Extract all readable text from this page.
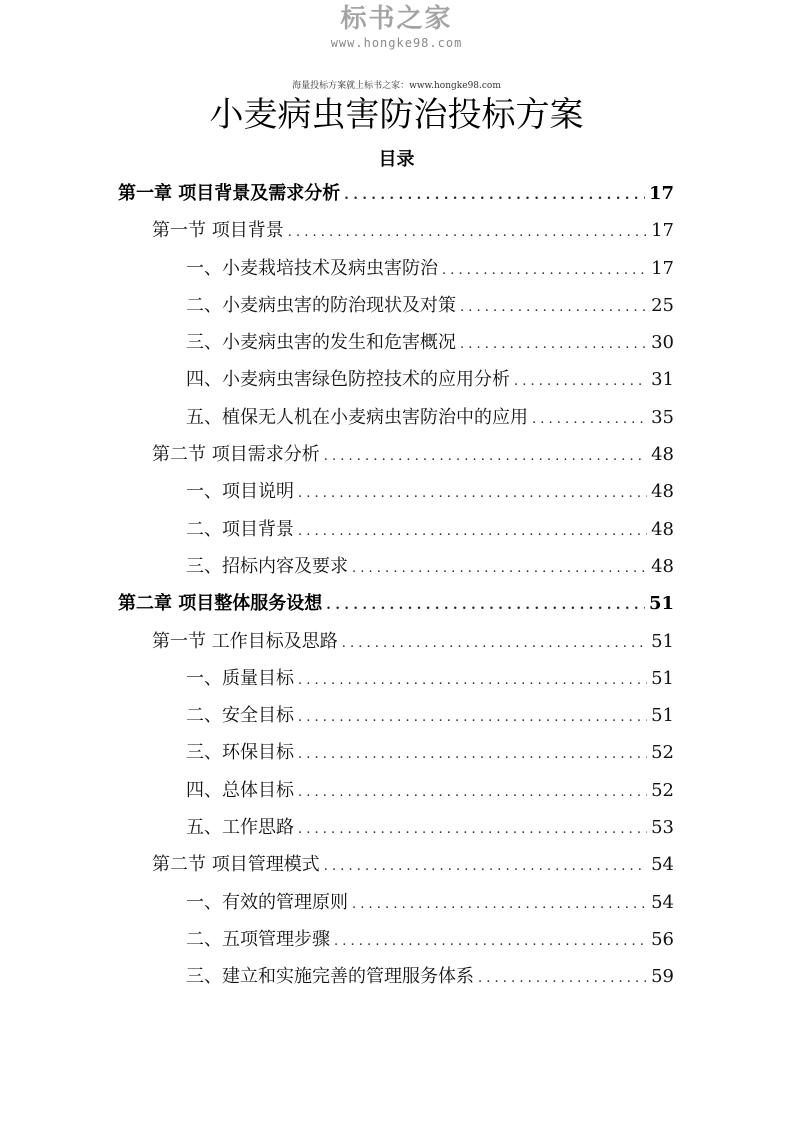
标书之家
www.hongke98.com
海量投标方案就上标书之家：www.hongke98.com
小麦病虫害防治投标方案
目录
第一章 项目背景及需求分析 . . .	17
第一节 项目背景 . . .	17
一、小麦栽培技术及病虫害防治 . . .	17
二、小麦病虫害的防治现状及对策 . . .	25
三、小麦病虫害的发生和危害概况 . . .	30
四、小麦病虫害绿色防控技术的应用分析 . . .	31
五、植保无人机在小麦病虫害防治中的应用 . . .	35
第二节 项目需求分析 . . .	48
一、项目说明 . . .	48
二、项目背景 . . .	48
三、招标内容及要求 . . .	48
第二章 项目整体服务设想 . . .	51
第一节 工作目标及思路 . . .	51
一、质量目标 . . .	51
二、安全目标 . . .	51
三、环保目标 . . .	52
四、总体目标 . . .	52
五、工作思路 . . .	53
第二节 项目管理模式 . . .	54
一、有效的管理原则 . . .	54
二、五项管理步骤 . . .	56
三、建立和实施完善的管理服务体系 . . .	59
